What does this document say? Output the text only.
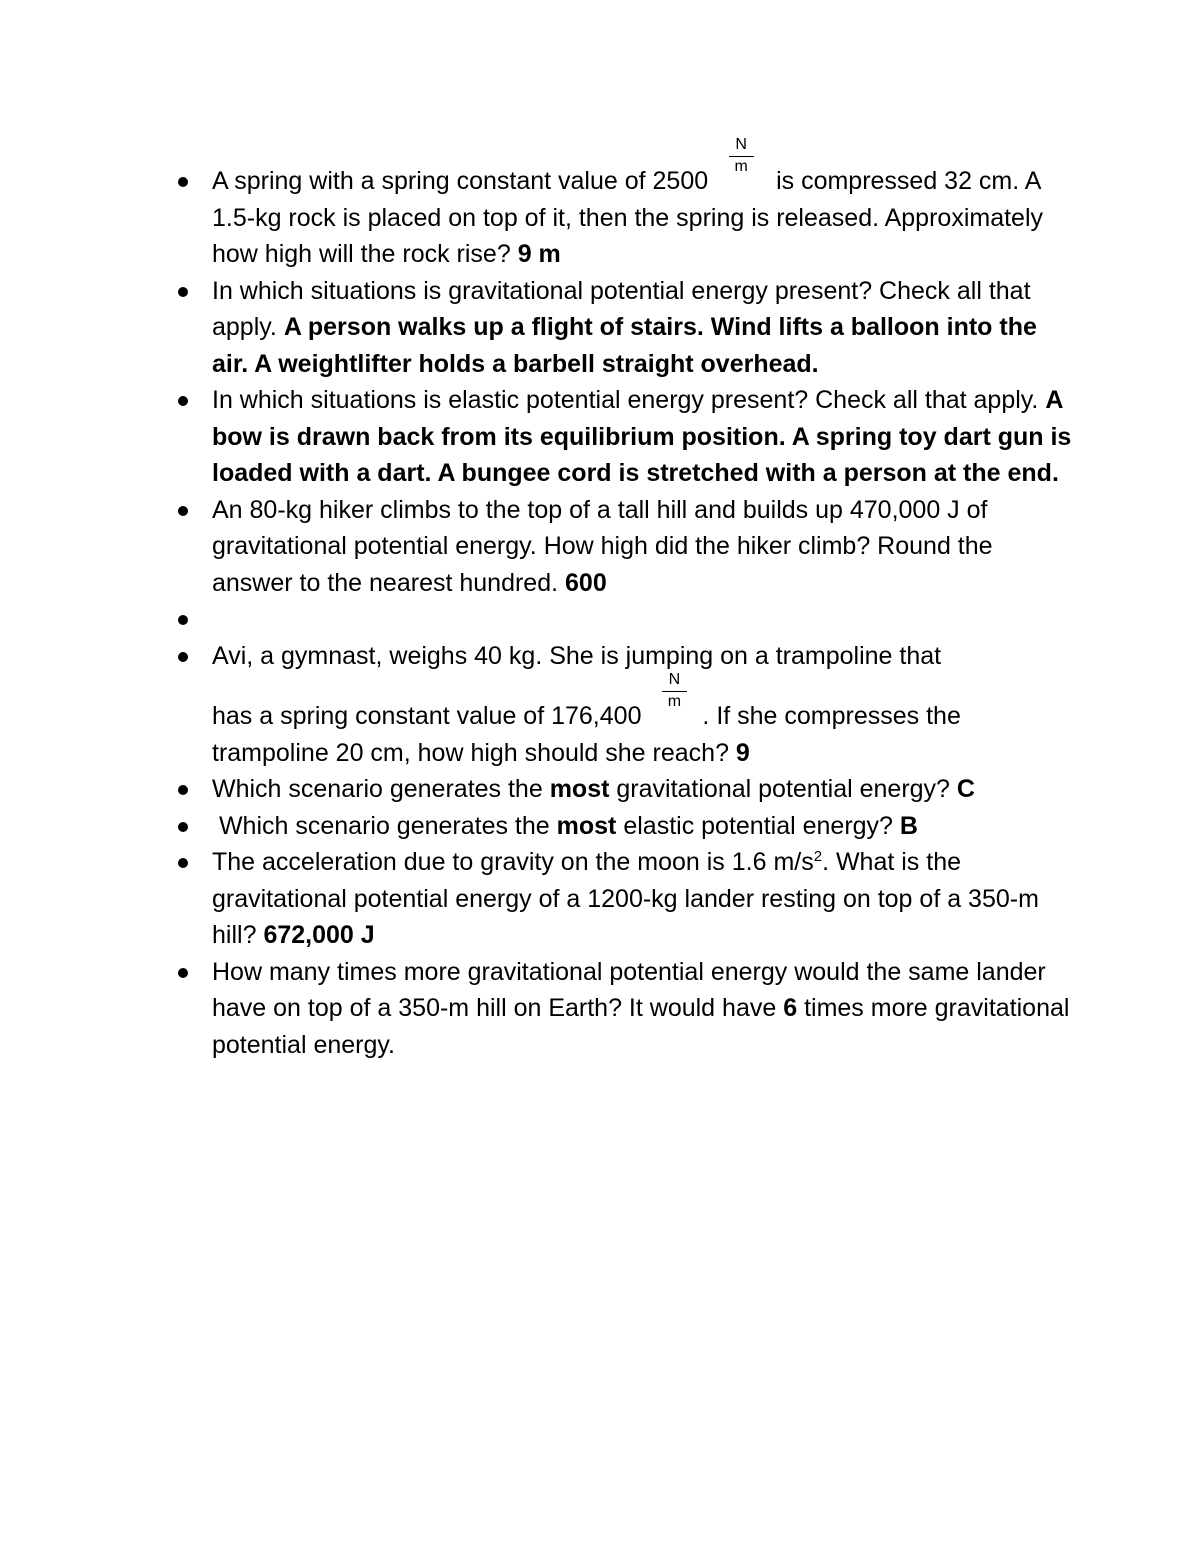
A spring with a spring constant value of $2500 \frac{N}{m}$ is compressed 32 cm. A 1.5-kg rock is placed on top of it, then the spring is released. Approximately how high will the rock rise? 9 m
In which situations is gravitational potential energy present? Check all that apply. A person walks up a flight of stairs. Wind lifts a balloon into the air. A weightlifter holds a barbell straight overhead.
In which situations is elastic potential energy present? Check all that apply. A bow is drawn back from its equilibrium position. A spring toy dart gun is loaded with a dart. A bungee cord is stretched with a person at the end.
An 80-kg hiker climbs to the top of a tall hill and builds up 470,000 J of gravitational potential energy. How high did the hiker climb? Round the answer to the nearest hundred. 600
Avi, a gymnast, weighs 40 kg. She is jumping on a trampoline that
has a spring constant value of $176,400 \frac{N}{m}$ . If she compresses the trampoline 20 cm, how high should she reach? 9
Which scenario generates the most gravitational potential energy? C
Which scenario generates the most elastic potential energy? B
The acceleration due to gravity on the moon is 1.6 $m/s^2$. What is the gravitational potential energy of a 1200-kg lander resting on top of a 350-m hill? 672,000 J
How many times more gravitational potential energy would the same lander have on top of a 350-m hill on Earth? It would have 6 times more gravitational potential energy.
